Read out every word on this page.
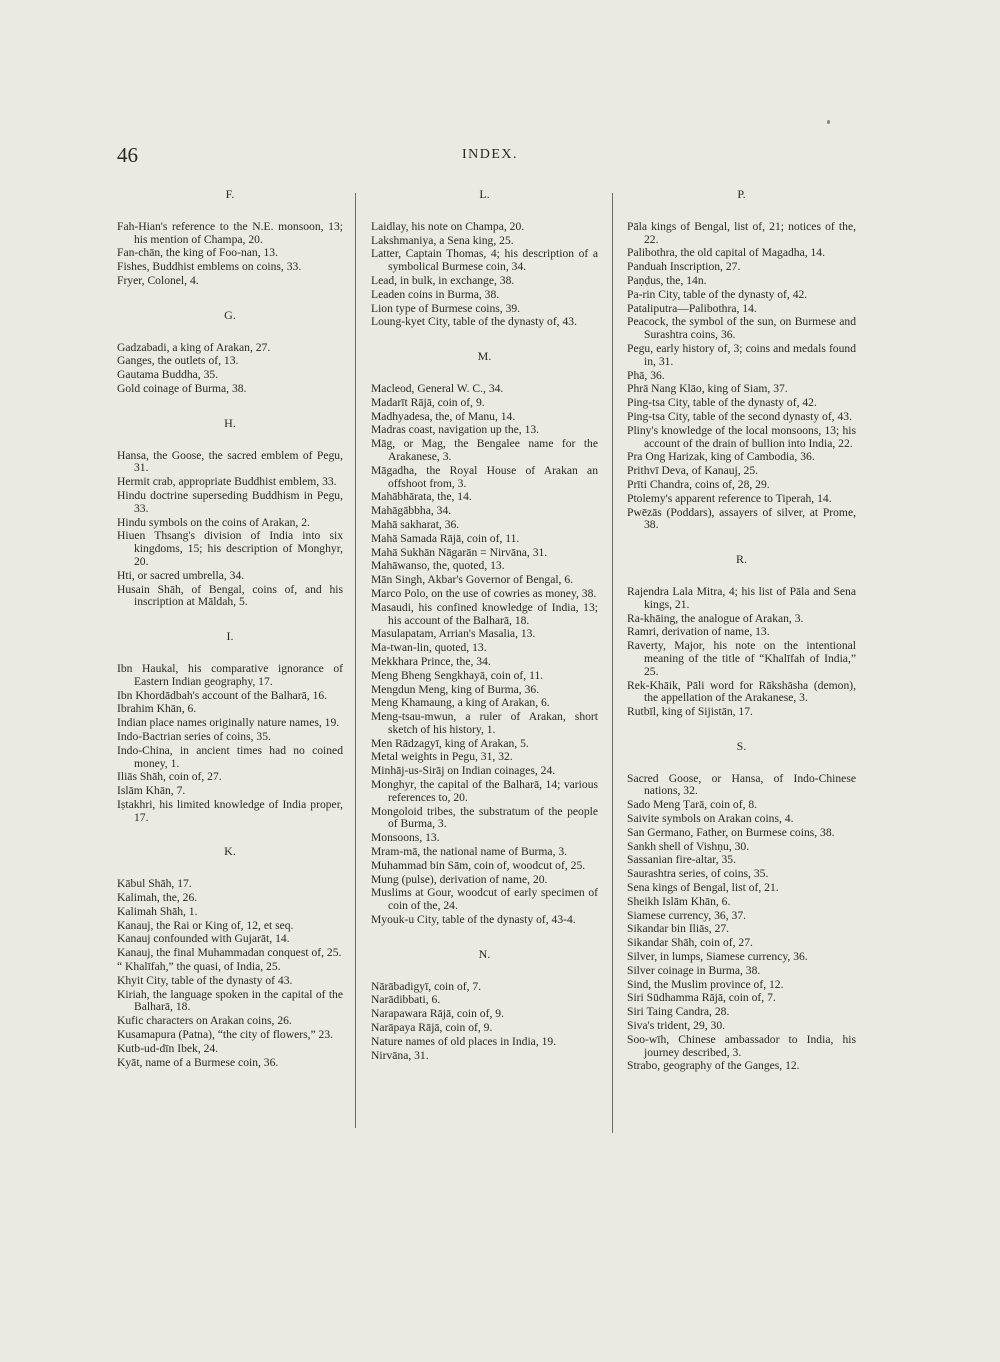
46	INDEX.
F.
Fah-Hian's reference to the N.E. monsoon, 13; his mention of Champa, 20.
Fan-chān, the king of Foo-nan, 13.
Fishes, Buddhist emblems on coins, 33.
Fryer, Colonel, 4.
G.
Gadzabadi, a king of Arakan, 27.
Ganges, the outlets of, 13.
Gautama Buddha, 35.
Gold coinage of Burma, 38.
H.
Hansa, the Goose, the sacred emblem of Pegu, 31.
Hermit crab, appropriate Buddhist emblem, 33.
Hindu doctrine superseding Buddhism in Pegu, 33.
Hindu symbols on the coins of Arakan, 2.
Hiuen Thsang's division of India into six kingdoms, 15; his description of Monghyr, 20.
Hti, or sacred umbrella, 34.
Husain Shāh, of Bengal, coins of, and his inscription at Māldah, 5.
I.
Ibn Haukal, his comparative ignorance of Eastern Indian geography, 17.
Ibn Khordādbah's account of the Balharā, 16.
Ibrahim Khān, 6.
Indian place names originally nature names, 19.
Indo-Bactrian series of coins, 35.
Indo-China, in ancient times had no coined money, 1.
Iliās Shāh, coin of, 27.
Islām Khān, 7.
Iṣtakhri, his limited knowledge of India proper, 17.
K.
Kābul Shāh, 17.
Kalimah, the, 26.
Kalimah Shāh, 1.
Kanauj, the Rai or King of, 12, et seq.
Kanauj confounded with Gujarāt, 14.
Kanauj, the final Muhammadan conquest of, 25.
“ Khalīfah,” the quasi, of India, 25.
Khyit City, table of the dynasty of 43.
Kiriah, the language spoken in the capital of the Balharā, 18.
Kufic characters on Arakan coins, 26.
Kusamapura (Patna), “the city of flowers,” 23.
Kutb-ud-dīn Ibek, 24.
Kyāt, name of a Burmese coin, 36.
L.
Laidlay, his note on Champa, 20.
Lakshmaniya, a Sena king, 25.
Latter, Captain Thomas, 4; his description of a symbolical Burmese coin, 34.
Lead, in bulk, in exchange, 38.
Leaden coins in Burma, 38.
Lion type of Burmese coins, 39.
Loung-kyet City, table of the dynasty of, 43.
M.
Macleod, General W. C., 34.
Madarīt Rājā, coin of, 9.
Madhyadesa, the, of Manu, 14.
Madras coast, navigation up the, 13.
Māg, or Mag, the Bengalee name for the Arakanese, 3.
Māgadha, the Royal House of Arakan an offshoot from, 3.
Mahābhārata, the, 14.
Mahāgābbha, 34.
Mahā sakharat, 36.
Mahā Samada Rājā, coin of, 11.
Mahā Sukhān Nāgarān = Nirvāna, 31.
Mahāwanso, the, quoted, 13.
Mān Singh, Akbar's Governor of Bengal, 6.
Marco Polo, on the use of cowries as money, 38.
Masaudi, his confined knowledge of India, 13; his account of the Balharā, 18.
Masulapatam, Arrian's Masalia, 13.
Ma-twan-lin, quoted, 13.
Mekkhara Prince, the, 34.
Meng Bheng Sengkhayā, coin of, 11.
Mengdun Meng, king of Burma, 36.
Meng Khamaung, a king of Arakan, 6.
Meng-tsau-mwun, a ruler of Arakan, short sketch of his history, 1.
Men Rādzagyī, king of Arakan, 5.
Metal weights in Pegu, 31, 32.
Minhāj-us-Sirāj on Indian coinages, 24.
Monghyr, the capital of the Balharā, 14; various references to, 20.
Mongoloid tribes, the substratum of the people of Burma, 3.
Monsoons, 13.
Mram-mā, the national name of Burma, 3.
Muhammad bin Sām, coin of, woodcut of, 25.
Mung (pulse), derivation of name, 20.
Muslims at Gour, woodcut of early specimen of coin of the, 24.
Myouk-u City, table of the dynasty of, 43-4.
N.
Nārābadigyī, coin of, 7.
Narādibbati, 6.
Narapawara Rājā, coin of, 9.
Narāpaya Rājā, coin of, 9.
Nature names of old places in India, 19.
Nirvāna, 31.
P.
Pāla kings of Bengal, list of, 21; notices of the, 22.
Palibothra, the old capital of Magadha, 14.
Panduah Inscription, 27.
Paṇḍus, the, 14n.
Pa-rin City, table of the dynasty of, 42.
Pataliputra—Palibothra, 14.
Peacock, the symbol of the sun, on Burmese and Surashtra coins, 36.
Pegu, early history of, 3; coins and medals found in, 31.
Phā, 36.
Phrā Nang Klāo, king of Siam, 37.
Ping-tsa City, table of the dynasty of, 42.
Ping-tsa City, table of the second dynasty of, 43.
Pliny's knowledge of the local monsoons, 13; his account of the drain of bullion into India, 22.
Pra Ong Harizak, king of Cambodia, 36.
Prithvī Deva, of Kanauj, 25.
Prīti Chandra, coins of, 28, 29.
Ptolemy's apparent reference to Tiperah, 14.
Pwēzās (Poddars), assayers of silver, at Prome, 38.
R.
Rajendra Lala Mitra, 4; his list of Pāla and Sena kings, 21.
Ra-khāing, the analogue of Arakan, 3.
Ramri, derivation of name, 13.
Raverty, Major, his note on the intentional meaning of the title of “Khalīfah of India,” 25.
Rek-Khāik, Pāli word for Rākshāsha (demon), the appellation of the Arakanese, 3.
Rutbīl, king of Sijistān, 17.
S.
Sacred Goose, or Hansa, of Indo-Chinese nations, 32.
Sado Meng Ṭarā, coin of, 8.
Saivite symbols on Arakan coins, 4.
San Germano, Father, on Burmese coins, 38.
Sankh shell of Vishṇu, 30.
Sassanian fire-altar, 35.
Saurashtra series, of coins, 35.
Sena kings of Bengal, list of, 21.
Sheikh Islām Khān, 6.
Siamese currency, 36, 37.
Sikandar bin Iliās, 27.
Sikandar Shāh, coin of, 27.
Silver, in lumps, Siamese currency, 36.
Silver coinage in Burma, 38.
Sind, the Muslim province of, 12.
Siri Sūdhamma Rājā, coin of, 7.
Siri Taing Candra, 28.
Siva's trident, 29, 30.
Soo-wīh, Chinese ambassador to India, his journey described, 3.
Strabo, geography of the Ganges, 12.
